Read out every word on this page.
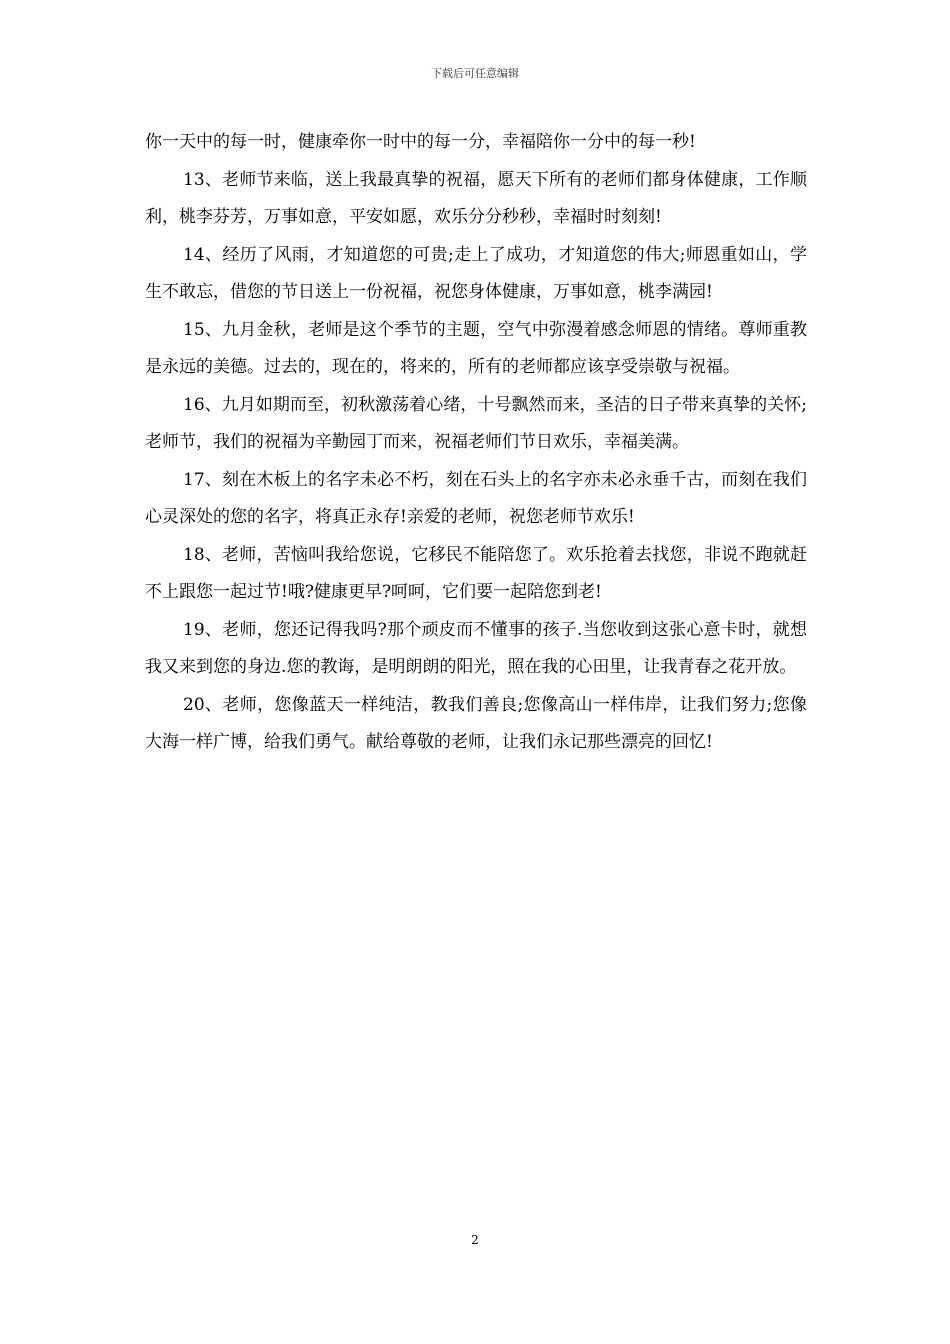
下载后可任意编辑

你一天中的每一时，健康牵你一时中的每一分，幸福陪你一分中的每一秒!

13、老师节来临，送上我最真挚的祝福，愿天下所有的老师们都身体健康，工作顺利，桃李芬芳，万事如意，平安如愿，欢乐分分秒秒，幸福时时刻刻!

14、经历了风雨，才知道您的可贵;走上了成功，才知道您的伟大;师恩重如山，学生不敢忘，借您的节日送上一份祝福，祝您身体健康，万事如意，桃李满园!

15、九月金秋，老师是这个季节的主题，空气中弥漫着感念师恩的情绪。尊师重教是永远的美德。过去的，现在的，将来的，所有的老师都应该享受崇敬与祝福。

16、九月如期而至，初秋激荡着心绪，十号飘然而来，圣洁的日子带来真挚的关怀;老师节，我们的祝福为辛勤园丁而来，祝福老师们节日欢乐，幸福美满。

17、刻在木板上的名字未必不朽，刻在石头上的名字亦未必永垂千古，而刻在我们心灵深处的您的名字，将真正永存!亲爱的老师，祝您老师节欢乐!

18、老师，苦恼叫我给您说，它移民不能陪您了。欢乐抢着去找您，非说不跑就赶不上跟您一起过节!哦?健康更早?呵呵，它们要一起陪您到老!

19、老师，您还记得我吗?那个顽皮而不懂事的孩子.当您收到这张心意卡时，就想我又来到您的身边.您的教诲，是明朗朗的阳光，照在我的心田里，让我青春之花开放。

20、老师，您像蓝天一样纯洁，教我们善良;您像高山一样伟岸，让我们努力;您像大海一样广博，给我们勇气。献给尊敬的老师，让我们永记那些漂亮的回忆!

2
